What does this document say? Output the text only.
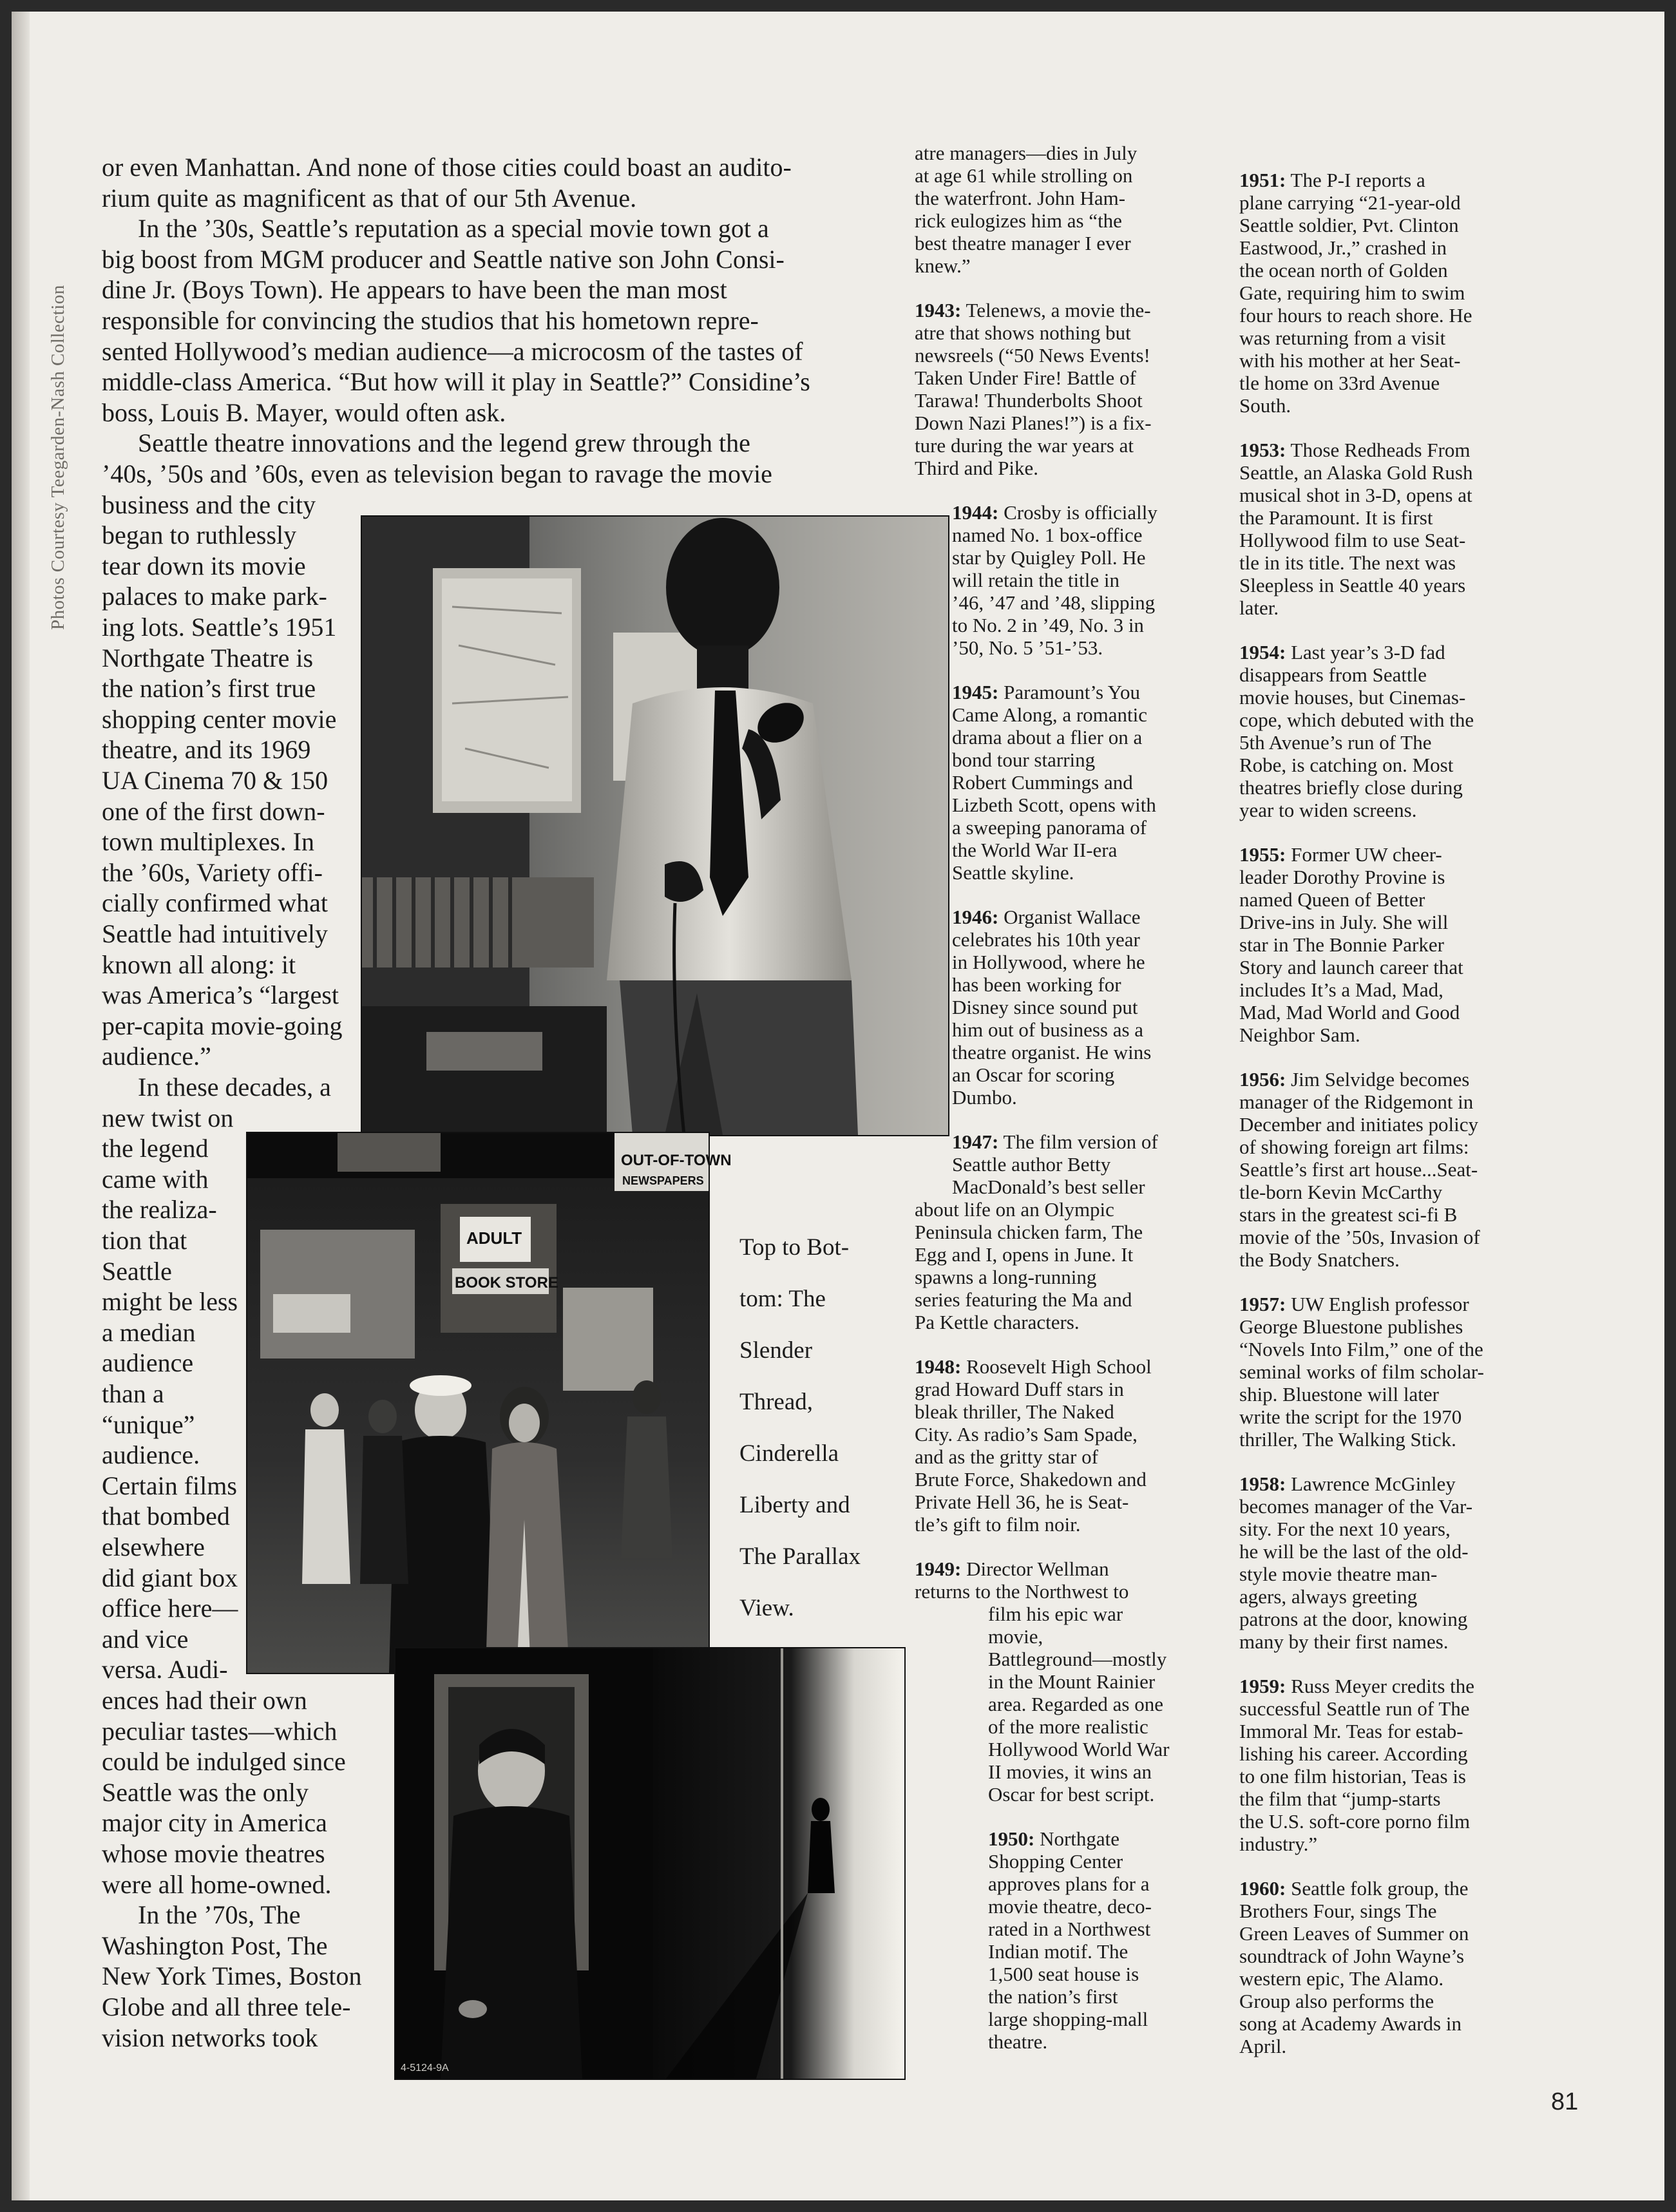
Photos Courtesy Teegarden-Nash Collection
or even Manhattan. And none of those cities could boast an audito-
rium quite as magnificent as that of our 5th Avenue.
In the ’30s, Seattle’s reputation as a special movie town got a
big boost from MGM producer and Seattle native son John Consi-
dine Jr. (Boys Town). He appears to have been the man most
responsible for convincing the studios that his hometown repre-
sented Hollywood’s median audience—a microcosm of the tastes of
middle-class America. “But how will it play in Seattle?” Considine’s
boss, Louis B. Mayer, would often ask.
Seattle theatre innovations and the legend grew through the
’40s, ’50s and ’60s, even as television began to ravage the movie
business and the city
began to ruthlessly
tear down its movie
palaces to make park-
ing lots. Seattle’s 1951
Northgate Theatre is
the nation’s first true
shopping center movie
theatre, and its 1969
UA Cinema 70 & 150
one of the first down-
town multiplexes. In
the ’60s, Variety offi-
cially confirmed what
Seattle had intuitively
known all along: it
was America’s “largest
per-capita movie-going
audience.”
In these decades, a
new twist on
the legend
came with
the realiza-
tion that
Seattle
might be less
a median
audience
than a
“unique”
audience.
Certain films
that bombed
elsewhere
did giant box
office here—
and vice
versa. Audi-
ences had their own
peculiar tastes—which
could be indulged since
Seattle was the only
major city in America
whose movie theatres
were all home-owned.
In the ’70s, The
Washington Post, The
New York Times, Boston
Globe and all three tele-
vision networks took
OUT-OF-TOWN
NEWSPAPERS
ADULT
BOOK STORE
4-5124-9A
Top to Bot-
tom: The
Slender
Thread,
Cinderella
Liberty and
The Parallax
View.
atre managers—dies in July
at age 61 while strolling on
the waterfront. John Ham-
rick eulogizes him as “the
best theatre manager I ever
knew.”
1943: Telenews, a movie the-
atre that shows nothing but
newsreels (“50 News Events!
Taken Under Fire! Battle of
Tarawa! Thunderbolts Shoot
Down Nazi Planes!”) is a fix-
ture during the war years at
Third and Pike.
1944: Crosby is officially
named No. 1 box-office
star by Quigley Poll. He
will retain the title in
’46, ’47 and ’48, slipping
to No. 2 in ’49, No. 3 in
’50, No. 5 ’51-’53.
1945: Paramount’s You
Came Along, a romantic
drama about a flier on a
bond tour starring
Robert Cummings and
Lizbeth Scott, opens with
a sweeping panorama of
the World War II-era
Seattle skyline.
1946: Organist Wallace
celebrates his 10th year
in Hollywood, where he
has been working for
Disney since sound put
him out of business as a
theatre organist. He wins
an Oscar for scoring
Dumbo.
1947: The film version of
Seattle author Betty
MacDonald’s best seller
about life on an Olympic
Peninsula chicken farm, The
Egg and I, opens in June. It
spawns a long-running
series featuring the Ma and
Pa Kettle characters.
1948: Roosevelt High School
grad Howard Duff stars in
bleak thriller, The Naked
City. As radio’s Sam Spade,
and as the gritty star of
Brute Force, Shakedown and
Private Hell 36, he is Seat-
tle’s gift to film noir.
1949: Director Wellman
returns to the Northwest to
film his epic war
movie,
Battleground—mostly
in the Mount Rainier
area. Regarded as one
of the more realistic
Hollywood World War
II movies, it wins an
Oscar for best script.
1950: Northgate
Shopping Center
approves plans for a
movie theatre, deco-
rated in a Northwest
Indian motif. The
1,500 seat house is
the nation’s first
large shopping-mall
theatre.
1951: The P-I reports a
plane carrying “21-year-old
Seattle soldier, Pvt. Clinton
Eastwood, Jr.,” crashed in
the ocean north of Golden
Gate, requiring him to swim
four hours to reach shore. He
was returning from a visit
with his mother at her Seat-
tle home on 33rd Avenue
South.
1953: Those Redheads From
Seattle, an Alaska Gold Rush
musical shot in 3-D, opens at
the Paramount. It is first
Hollywood film to use Seat-
tle in its title. The next was
Sleepless in Seattle 40 years
later.
1954: Last year’s 3-D fad
disappears from Seattle
movie houses, but Cinemas-
cope, which debuted with the
5th Avenue’s run of The
Robe, is catching on. Most
theatres briefly close during
year to widen screens.
1955: Former UW cheer-
leader Dorothy Provine is
named Queen of Better
Drive-ins in July. She will
star in The Bonnie Parker
Story and launch career that
includes It’s a Mad, Mad,
Mad, Mad World and Good
Neighbor Sam.
1956: Jim Selvidge becomes
manager of the Ridgemont in
December and initiates policy
of showing foreign art films:
Seattle’s first art house...Seat-
tle-born Kevin McCarthy
stars in the greatest sci-fi B
movie of the ’50s, Invasion of
the Body Snatchers.
1957: UW English professor
George Bluestone publishes
“Novels Into Film,” one of the
seminal works of film scholar-
ship. Bluestone will later
write the script for the 1970
thriller, The Walking Stick.
1958: Lawrence McGinley
becomes manager of the Var-
sity. For the next 10 years,
he will be the last of the old-
style movie theatre man-
agers, always greeting
patrons at the door, knowing
many by their first names.
1959: Russ Meyer credits the
successful Seattle run of The
Immoral Mr. Teas for estab-
lishing his career. According
to one film historian, Teas is
the film that “jump-starts
the U.S. soft-core porno film
industry.”
1960: Seattle folk group, the
Brothers Four, sings The
Green Leaves of Summer on
soundtrack of John Wayne’s
western epic, The Alamo.
Group also performs the
song at Academy Awards in
April.
81
